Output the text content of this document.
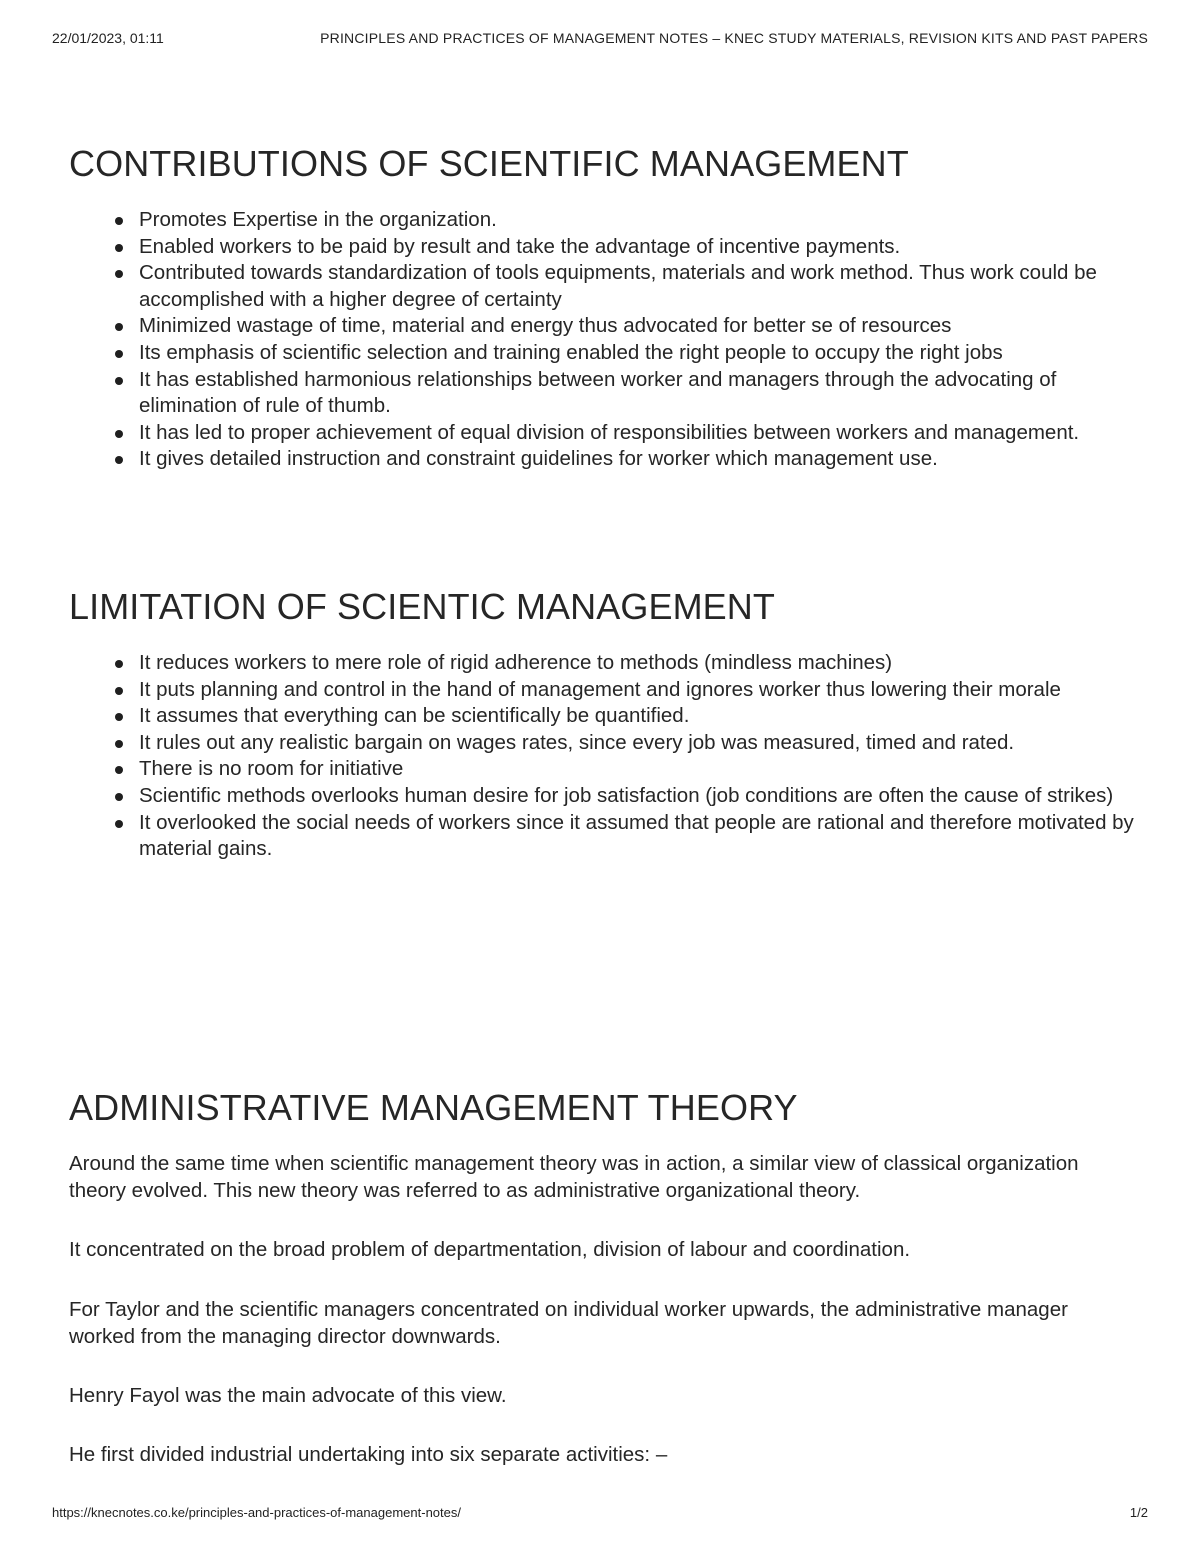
22/01/2023, 01:11	PRINCIPLES AND PRACTICES OF MANAGEMENT NOTES – KNEC STUDY MATERIALS, REVISION KITS AND PAST PAPERS
CONTRIBUTIONS OF SCIENTIFIC MANAGEMENT
Promotes Expertise in the organization.
Enabled workers to be paid by result and take the advantage of incentive payments.
Contributed towards standardization of tools equipments, materials and work method. Thus work could be accomplished with a higher degree of certainty
Minimized wastage of time, material and energy thus advocated for better se of resources
Its emphasis of scientific selection and training enabled the right people to occupy the right jobs
It has established harmonious relationships between worker and managers through the advocating of elimination of rule of thumb.
It has led to proper achievement of equal division of responsibilities between workers and management.
It gives detailed instruction and constraint guidelines for worker which management use.
LIMITATION OF SCIENTIC MANAGEMENT
It reduces workers to mere role of rigid adherence to methods (mindless machines)
It puts planning and control in the hand of management and ignores worker thus lowering their morale
It assumes that everything can be scientifically be quantified.
It rules out any realistic bargain on wages rates, since every job was measured, timed and rated.
There is no room for initiative
Scientific methods overlooks human desire for job satisfaction (job conditions are often the cause of strikes)
It overlooked the social needs of workers since it assumed that people are rational and therefore motivated by material gains.
ADMINISTRATIVE MANAGEMENT THEORY

Around the same time when scientific management theory was in action, a similar view of classical organization theory evolved. This new theory was referred to as administrative organizational theory.

It concentrated on the broad problem of departmentation, division of labour and coordination.

For Taylor and the scientific managers concentrated on individual worker upwards, the administrative manager worked from the managing director downwards.

Henry Fayol was the main advocate of this view.

He first divided industrial undertaking into six separate activities: –

https://knecnotes.co.ke/principles-and-practices-of-management-notes/	1/2
